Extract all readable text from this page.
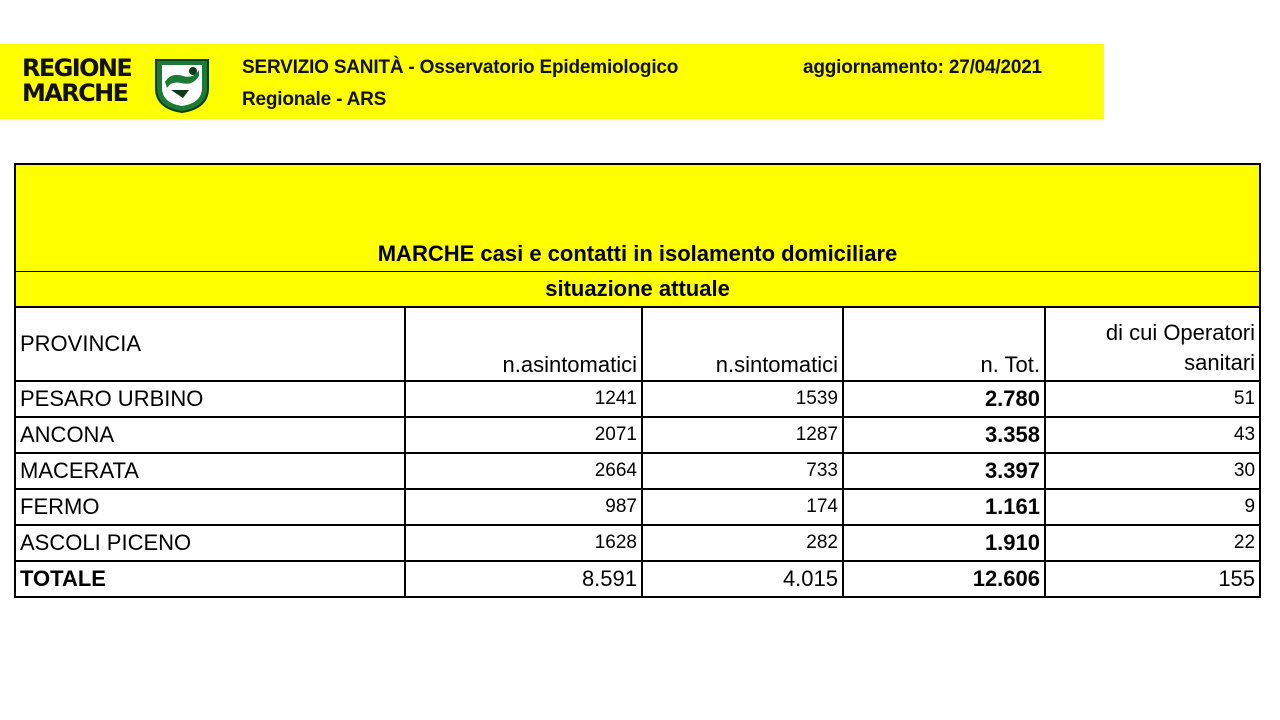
REGIONE
MARCHE
SERVIZIO SANITÀ - Osservatorio Epidemiologico
Regionale - ARS
aggiornamento: 27/04/2021
MARCHE casi e contatti in isolamento domiciliare				
situazione attuale				
PROVINCIA	n.asintomatici	n.sintomatici	n. Tot.	di cui Operatori sanitari
PESARO URBINO	1241	1539	2.780	51
ANCONA	2071	1287	3.358	43
MACERATA	2664	733	3.397	30
FERMO	987	174	1.161	9
ASCOLI PICENO	1628	282	1.910	22
TOTALE	8.591	4.015	12.606	155
